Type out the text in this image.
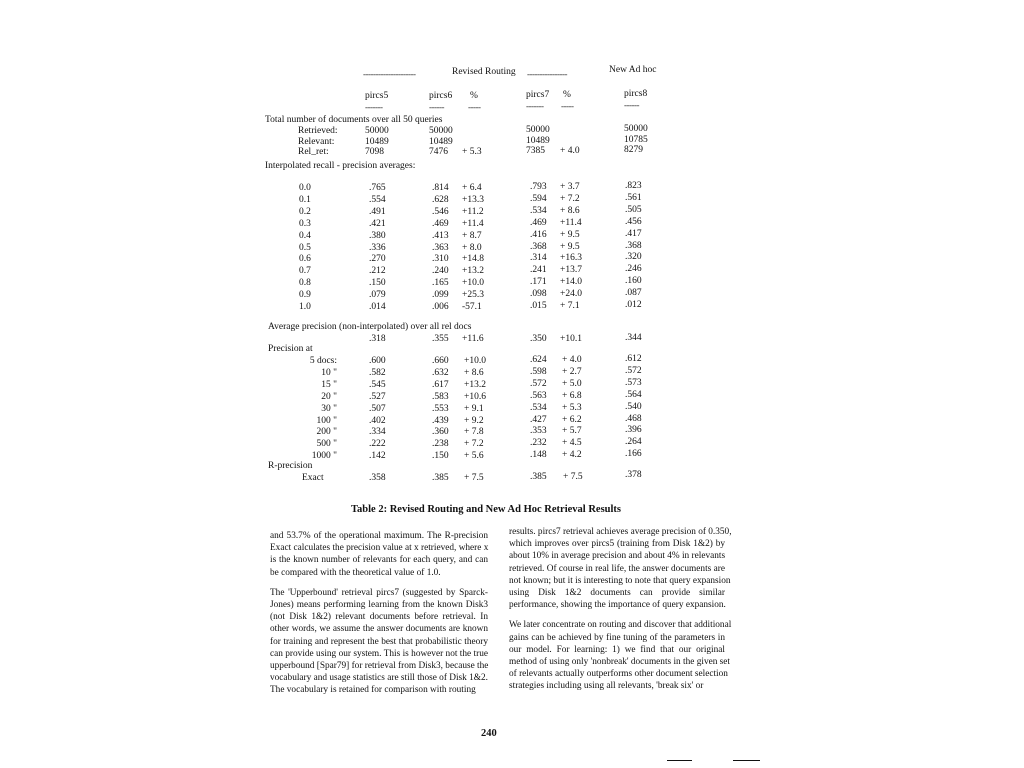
---------------------	Revised Routing ----------------	New Ad hoc
pircs5	pircs6 %	pircs7 %	pircs8
-------	------	-----	------- -----	------
Total number of documents over all 50 queries
Retrieved:	50000	50000	50000	50000
Relevant:	10489	10489	10489	10785
Rel_ret:	7098	7476 + 5.3	7385 + 4.0	8279
Interpolated recall - precision averages:
0.0	.765	.814 + 6.4	.793 + 3.7	.823
0.1	.554	.628 +13.3	.594 + 7.2	.561
0.2	.491	.546 +11.2	.534 + 8.6	.505
0.3	.421	.469 +11.4	.469 +11.4	.456
0.4	.380	.413 + 8.7	.416 + 9.5	.417
0.5	.336	.363 + 8.0	.368 + 9.5	.368
0.6	.270	.310 +14.8	.314 +16.3	.320
0.7	.212	.240 +13.2	.241 +13.7	.246
0.8	.150	.165 +10.0	.171 +14.0	.160
0.9	.079	.099 +25.3	.098 +24.0	.087
1.0	.014	.006 -57.1	.015 + 7.1	.012
Average precision (non-interpolated) over all rel docs
.318	.355 +11.6	.350 +10.1	.344
Precision at
5 docs:	.600	.660 +10.0	.624 + 4.0	.612
10 "	.582	.632 + 8.6	.598 + 2.7	.572
15 "	.545	.617 +13.2	.572 + 5.0	.573
20 "	.527	.583 +10.6	.563 + 6.8	.564
30 "	.507	.553 + 9.1	.534 + 5.3	.540
100 "	.402	.439 + 9.2	.427 + 6.2	.468
200 "	.334	.360 + 7.8	.353 + 5.7	.396
500 "	.222	.238 + 7.2	.232 + 4.5	.264
1000 "	.142	.150 + 5.6	.148 + 4.2	.166
R-precision
Exact	.358	.385 + 7.5	.385 + 7.5	.378
Table 2: Revised Routing and New Ad Hoc Retrieval Results
and 53.7% of the operational maximum. The R-precision
Exact calculates the precision value at x retrieved, where x
is the known number of relevants for each query, and can
be compared with the theoretical value of 1.0.
The 'Upperbound' retrieval pircs7 (suggested by Sparck-
Jones) means performing learning from the known Disk3
(not Disk 1&2) relevant documents before retrieval. In
other words, we assume the answer documents are known
for training and represent the best that probabilistic theory
can provide using our system. This is however not the true
upperbound [Spar79] for retrieval from Disk3, because the
vocabulary and usage statistics are still those of Disk 1&2.
The vocabulary is retained for comparison with routing
results. pircs7 retrieval achieves average precision of 0.350,
which improves over pircs5 (training from Disk 1&2) by
about 10% in average precision and about 4% in relevants
retrieved. Of course in real life, the answer documents are
not known; but it is interesting to note that query expansion
using Disk 1&2 documents can provide similar
performance, showing the importance of query expansion.
We later concentrate on routing and discover that additional
gains can be achieved by fine tuning of the parameters in
our model. For learning: 1) we find that our original
method of using only 'nonbreak' documents in the given set
of relevants actually outperforms other document selection
strategies including using all relevants, 'break six' or
240
